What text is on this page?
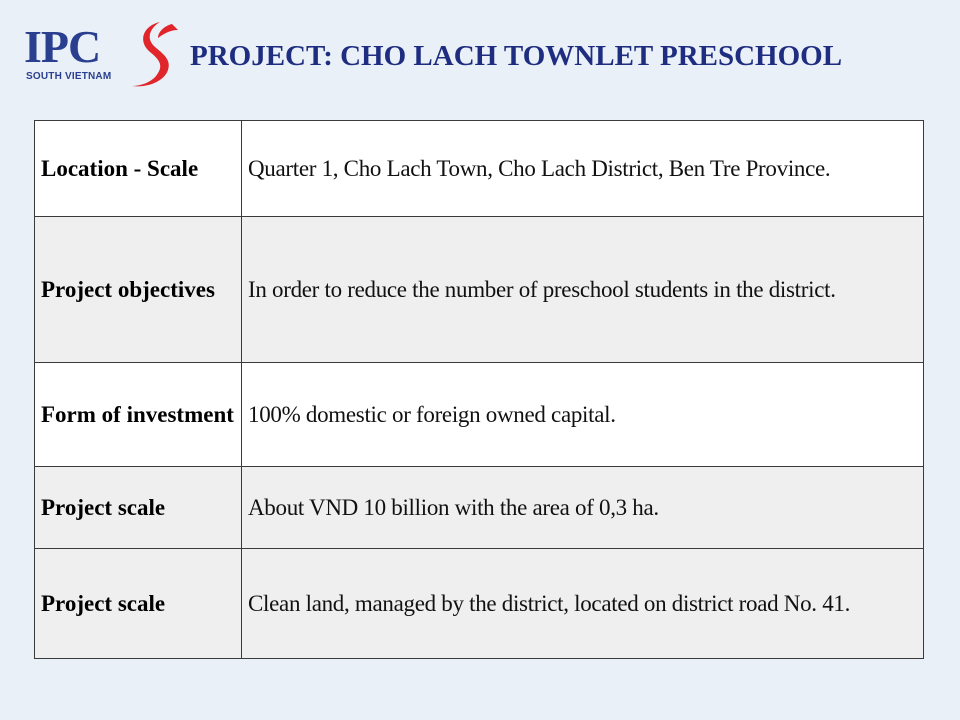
IPC
SOUTH VIETNAM
PROJECT: CHO LACH TOWNLET PRESCHOOL
Location - Scale	Quarter 1, Cho Lach Town, Cho Lach District, Ben Tre Province.
Project objectives	In order to reduce the number of preschool students in the district.
Form of investment	100% domestic or foreign owned capital.
Project scale	About VND 10 billion with the area of 0,3 ha.
Project scale	Clean land, managed by the district, located on district road No. 41.
